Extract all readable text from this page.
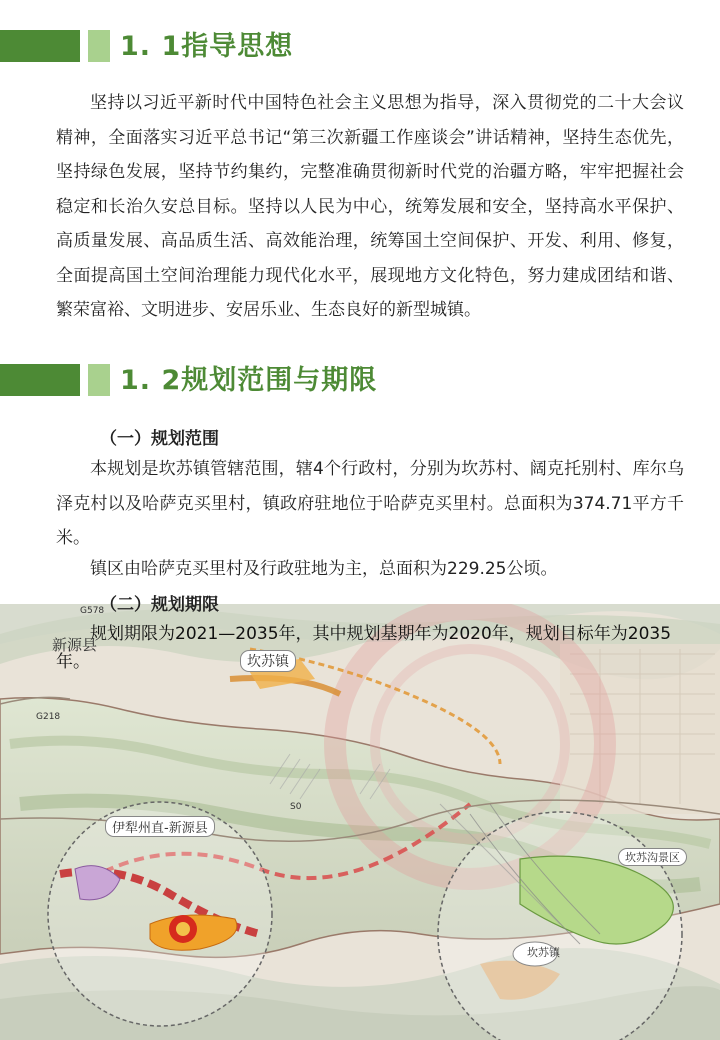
1. 1指导思想
坚持以习近平新时代中国特色社会主义思想为指导，深入贯彻党的二十大会议精神，全面落实习近平总书记“第三次新疆工作座谈会”讲话精神，坚持生态优先，坚持绿色发展，坚持节约集约，完整准确贯彻新时代党的治疆方略，牢牢把握社会稳定和长治久安总目标。坚持以人民为中心，统筹发展和安全，坚持高水平保护、高质量发展、高品质生活、高效能治理，统筹国土空间保护、开发、利用、修复，全面提高国土空间治理能力现代化水平，展现地方文化特色，努力建成团结和谐、繁荣富裕、文明进步、安居乐业、生态良好的新型城镇。
1. 2规划范围与期限
（一）规划范围
本规划是坎苏镇管辖范围，辖4个行政村，分别为坎苏村、阔克托别村、库尔乌泽克村以及哈萨克买里村，镇政府驻地位于哈萨克买里村。总面积为374.71平方千米。
镇区由哈萨克买里村及行政驻地为主，总面积为229.25公顷。
（二）规划期限
规划期限为2021—2035年，其中规划基期年为2020年，规划目标年为2035年。
新源县
坎苏镇
G578
G218
S0
伊犁州直-新源县
坎苏沟景区
坎苏镇
